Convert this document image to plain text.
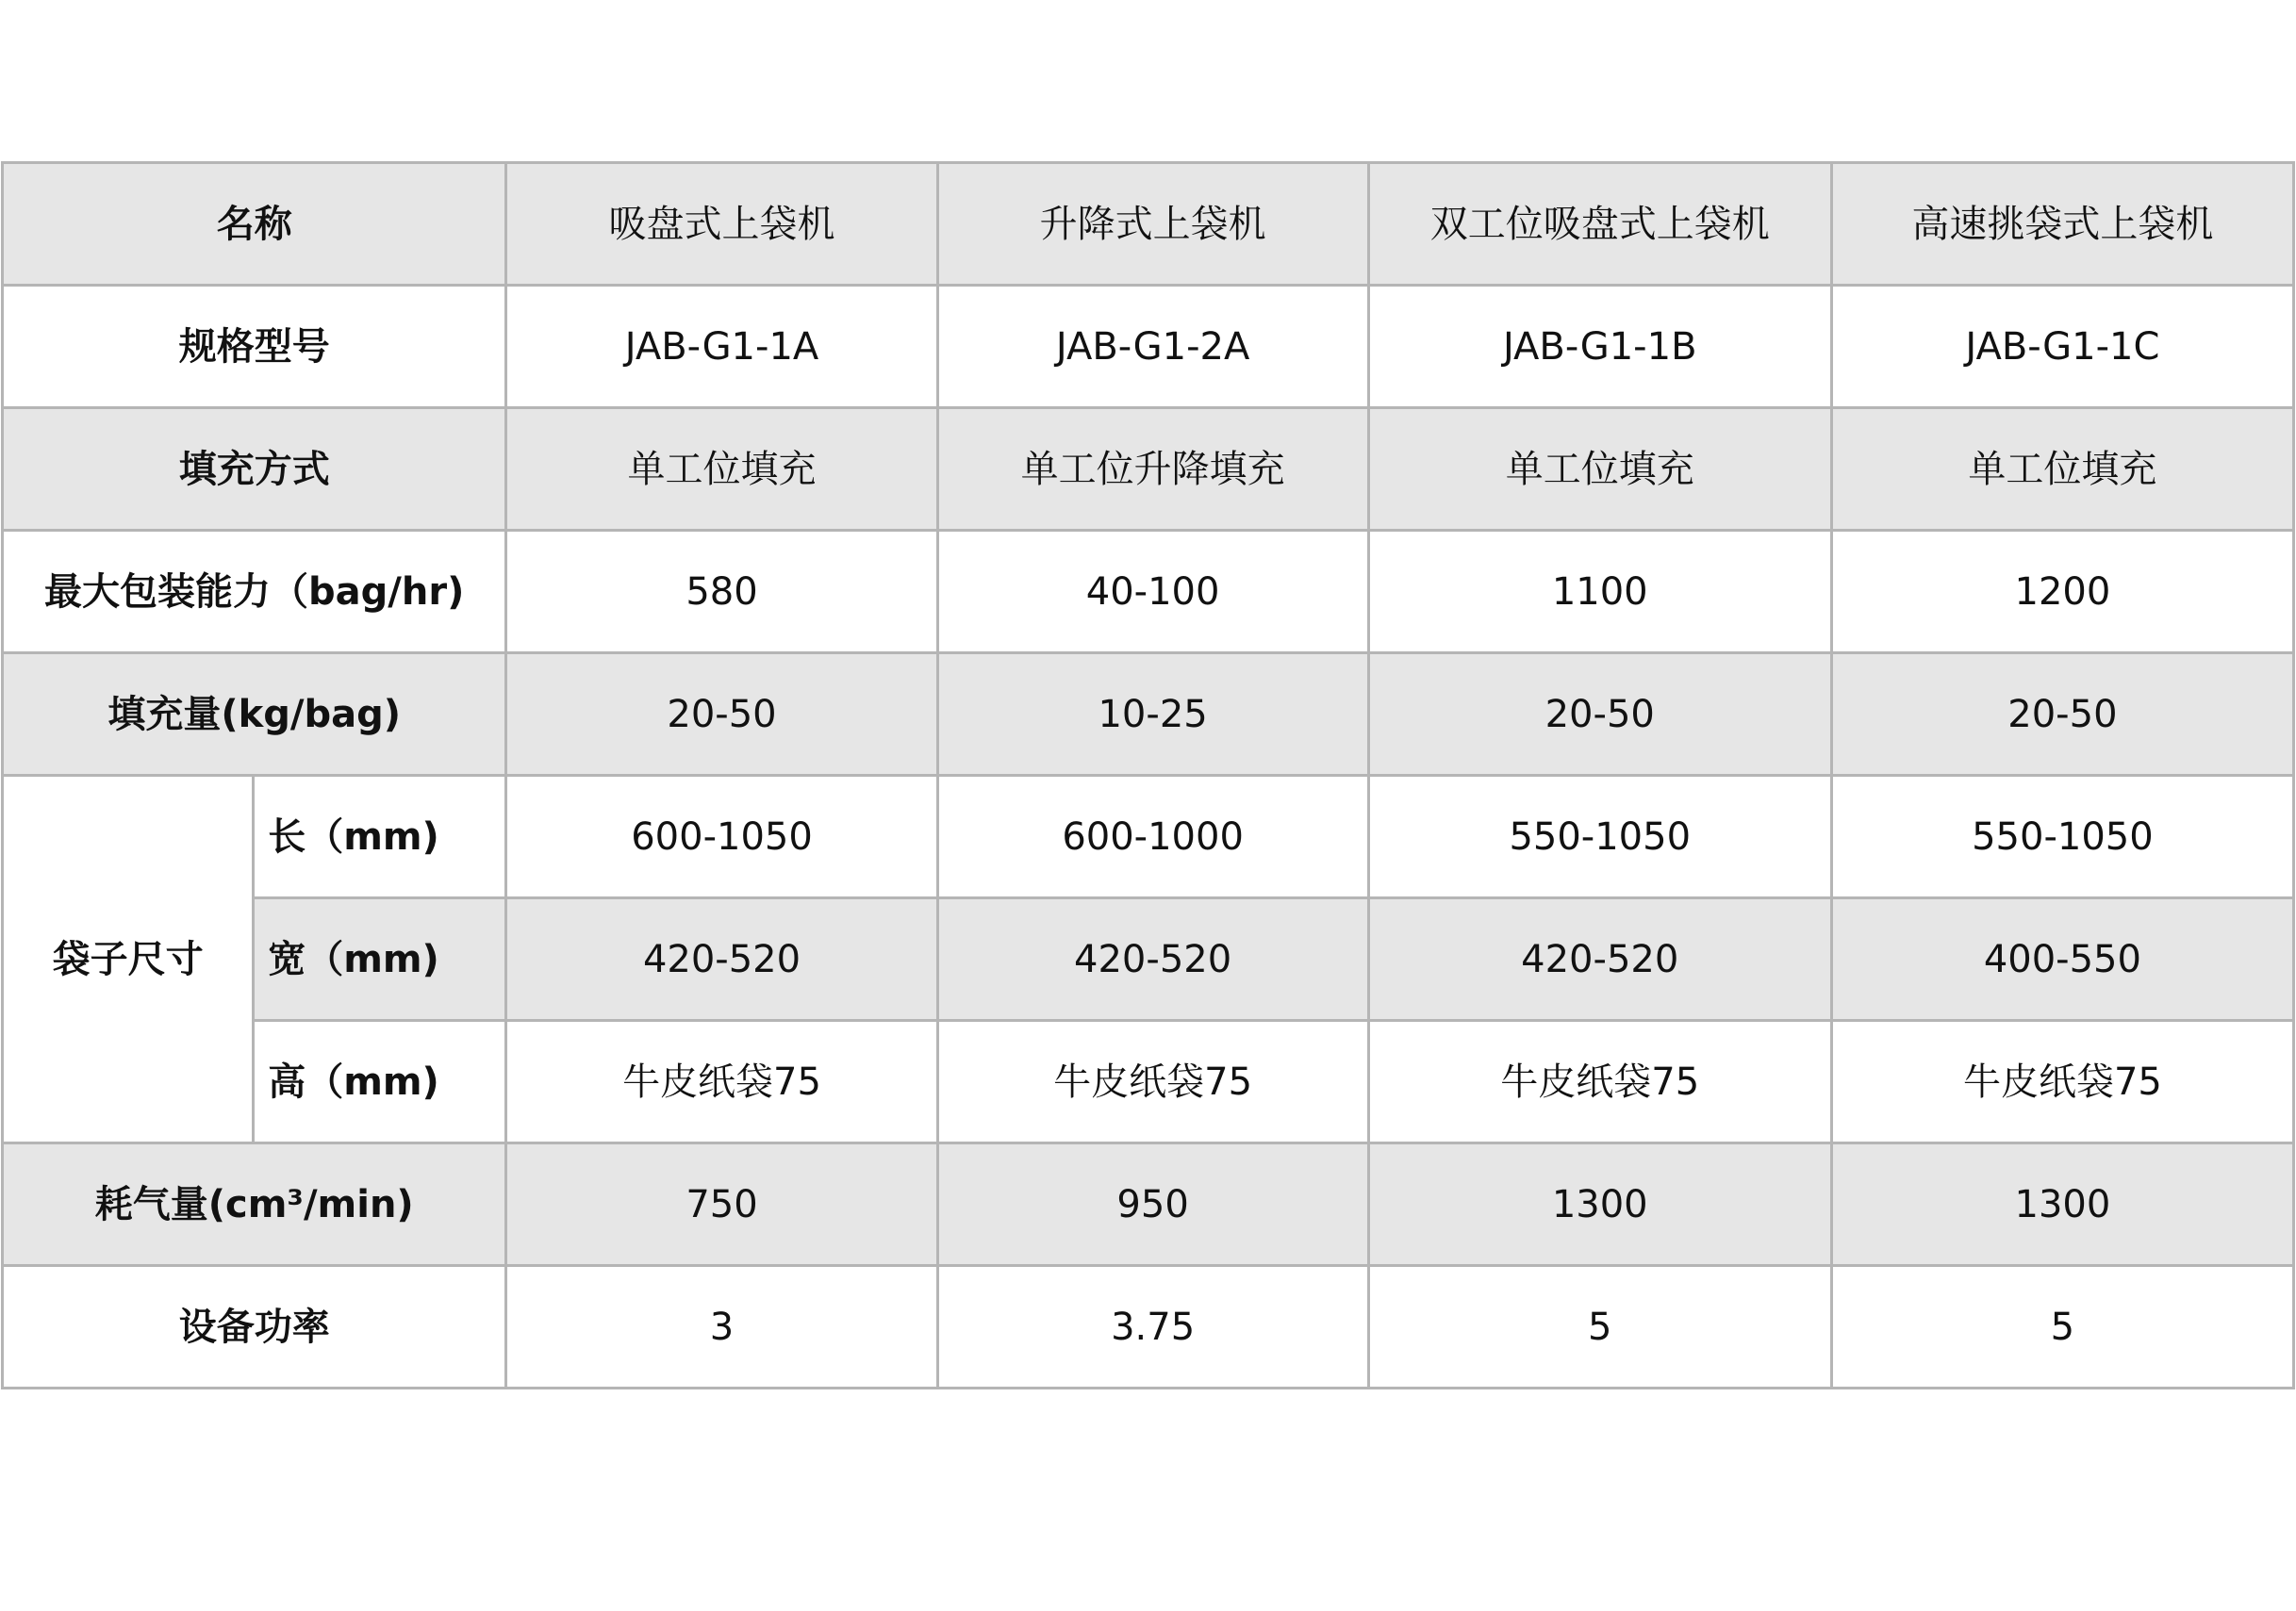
名称		吸盘式上袋机	升降式上袋机	双工位吸盘式上袋机	高速挑袋式上袋机
规格型号		JAB-G1-1A	JAB-G1-2A	JAB-G1-1B	JAB-G1-1C
填充方式		单工位填充	单工位升降填充	单工位填充	单工位填充
最大包装能力（bag/hr)		580	40-100	1100	1200
填充量(kg/bag)		20-50	10-25	20-50	20-50
袋子尺寸	长（mm)	600-1050	600-1000	550-1050	550-1050
	宽（mm)	420-520	420-520	420-520	400-550
	高（mm)	牛皮纸袋75	牛皮纸袋75	牛皮纸袋75	牛皮纸袋75
耗气量(cm³/min)		750	950	1300	1300
设备功率		3	3.75	5	5
